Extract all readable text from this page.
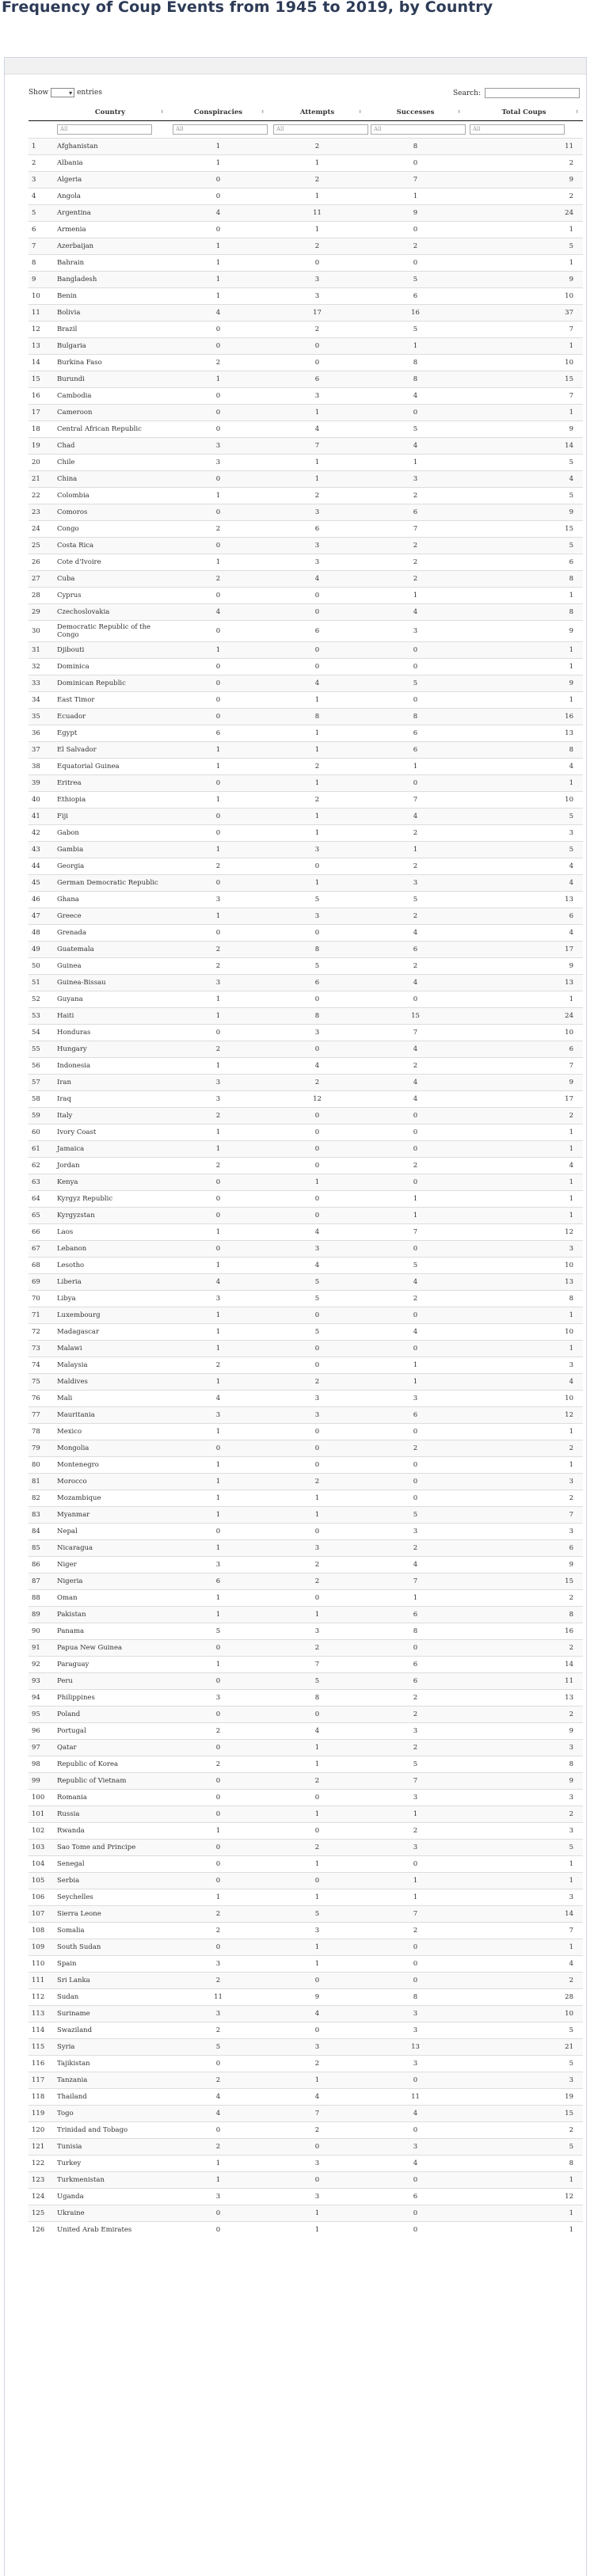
Frequency of Coup Events from 1945 to 2019, by Country
Show	▾ entries	Search:
	Country ⬍	Conspiracies ⬍	Attempts ⬍	Successes ⬍	Total Coups ⬍

	All	All	All	All	All

1	Afghanistan	1	2	8	11
2	Albania	1	1	0	2
3	Algeria	0	2	7	9
4	Angola	0	1	1	2
5	Argentina	4	11	9	24
6	Armenia	0	1	0	1
7	Azerbaijan	1	2	2	5
8	Bahrain	1	0	0	1
9	Bangladesh	1	3	5	9
10	Benin	1	3	6	10
11	Bolivia	4	17	16	37
12	Brazil	0	2	5	7
13	Bulgaria	0	0	1	1
14	Burkina Faso	2	0	8	10
15	Burundi	1	6	8	15
16	Cambodia	0	3	4	7
17	Cameroon	0	1	0	1
18	Central African Republic	0	4	5	9
19	Chad	3	7	4	14
20	Chile	3	1	1	5
21	China	0	1	3	4
22	Colombia	1	2	2	5
23	Comoros	0	3	6	9
24	Congo	2	6	7	15
25	Costa Rica	0	3	2	5
26	Cote d'Ivoire	1	3	2	6
27	Cuba	2	4	2	8
28	Cyprus	0	0	1	1
29	Czechoslovakia	4	0	4	8
30	Democratic Republic of the Congo	0	6	3	9
31	Djibouti	1	0	0	1
32	Dominica	0	0	0	1
33	Dominican Republic	0	4	5	9
34	East Timor	0	1	0	1
35	Ecuador	0	8	8	16
36	Egypt	6	1	6	13
37	El Salvador	1	1	6	8
38	Equatorial Guinea	1	2	1	4
39	Eritrea	0	1	0	1
40	Ethiopia	1	2	7	10
41	Fiji	0	1	4	5
42	Gabon	0	1	2	3
43	Gambia	1	3	1	5
44	Georgia	2	0	2	4
45	German Democratic Republic	0	1	3	4
46	Ghana	3	5	5	13
47	Greece	1	3	2	6
48	Grenada	0	0	4	4
49	Guatemala	2	8	6	17
50	Guinea	2	5	2	9
51	Guinea-Bissau	3	6	4	13
52	Guyana	1	0	0	1
53	Haiti	1	8	15	24
54	Honduras	0	3	7	10
55	Hungary	2	0	4	6
56	Indonesia	1	4	2	7
57	Iran	3	2	4	9
58	Iraq	3	12	4	17
59	Italy	2	0	0	2
60	Ivory Coast	1	0	0	1
61	Jamaica	1	0	0	1
62	Jordan	2	0	2	4
63	Kenya	0	1	0	1
64	Kyrgyz Republic	0	0	1	1
65	Kyrgyzstan	0	0	1	1
66	Laos	1	4	7	12
67	Lebanon	0	3	0	3
68	Lesotho	1	4	5	10
69	Liberia	4	5	4	13
70	Libya	3	5	2	8
71	Luxembourg	1	0	0	1
72	Madagascar	1	5	4	10
73	Malawi	1	0	0	1
74	Malaysia	2	0	1	3
75	Maldives	1	2	1	4
76	Mali	4	3	3	10
77	Mauritania	3	3	6	12
78	Mexico	1	0	0	1
79	Mongolia	0	0	2	2
80	Montenegro	1	0	0	1
81	Morocco	1	2	0	3
82	Mozambique	1	1	0	2
83	Myanmar	1	1	5	7
84	Nepal	0	0	3	3
85	Nicaragua	1	3	2	6
86	Niger	3	2	4	9
87	Nigeria	6	2	7	15
88	Oman	1	0	1	2
89	Pakistan	1	1	6	8
90	Panama	5	3	8	16
91	Papua New Guinea	0	2	0	2
92	Paraguay	1	7	6	14
93	Peru	0	5	6	11
94	Philippines	3	8	2	13
95	Poland	0	0	2	2
96	Portugal	2	4	3	9
97	Qatar	0	1	2	3
98	Republic of Korea	2	1	5	8
99	Republic of Vietnam	0	2	7	9
100	Romania	0	0	3	3
101	Russia	0	1	1	2
102	Rwanda	1	0	2	3
103	Sao Tome and Principe	0	2	3	5
104	Senegal	0	1	0	1
105	Serbia	0	0	1	1
106	Seychelles	1	1	1	3
107	Sierra Leone	2	5	7	14
108	Somalia	2	3	2	7
109	South Sudan	0	1	0	1
110	Spain	3	1	0	4
111	Sri Lanka	2	0	0	2
112	Sudan	11	9	8	28
113	Suriname	3	4	3	10
114	Swaziland	2	0	3	5
115	Syria	5	3	13	21
116	Tajikistan	0	2	3	5
117	Tanzania	2	1	0	3
118	Thailand	4	4	11	19
119	Togo	4	7	4	15
120	Trinidad and Tobago	0	2	0	2
121	Tunisia	2	0	3	5
122	Turkey	1	3	4	8
123	Turkmenistan	1	0	0	1
124	Uganda	3	3	6	12
125	Ukraine	0	1	0	1
126	United Arab Emirates	0	1	0	1
